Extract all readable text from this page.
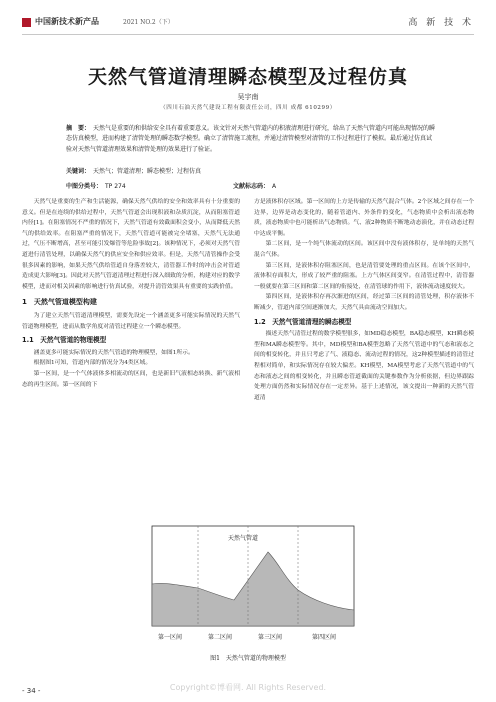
中国新技术新产品	2021 NO.2（下）	高 新 技 术
天然气管道清理瞬态模型及过程仿真
吴宇南
（四川石油天然气建设工程有限责任公司，四川 成都 610299）
摘　要： 天然气是重要的和供给安全具有着重要意义。该文针对天然气管道内的积液清理进行研究，给出了天然气管道内可能出现情况的瞬态仿真模型，进而构建了清管处理的瞬态数学模型。确立了清管施工流程，并通过清管模型对清管的工作过程进行了模拟。最后通过仿真试验对天然气管道清理效果和清管处理的效果进行了验证。
关键词： 天然气；管道清理；瞬态模型；过程仿真
中图分类号： TP 274	文献标志码： A

天然气是重要的生产和生活能源，确保天然气供给的安全和效率具有十分重要的意义。但是在连续的供给过程中，天然气管道会出现积液和杂质沉淀，从而阻塞管道内径[1]。在阻塞情况不严重的情况下，天然气管道有效截面积会变小，从而降低天然气的供给效率。在阻塞严重的情况下，天然气管道可能被完全堵塞，天然气无法通过，气压不断增高，甚至可能引发爆管等危险事故[2]。该种情况下，必须对天然气管道进行清管处理，以确保天然气的供应安全和供应效率。但是，天然气清管操作会受很多因素的影响，如果天然气供给管道自身落差较大，清管器工作时的冲击会对管道造成更大影响[3]。因此对天然气管道清理过程进行深入细致的分析，构建对应的数学模型，进而对相关因素的影响进行仿真试验，对提升清管效果具有重要的实践价值。

1　天然气管道模型构建

为了建立天然气管道清理模型，需要先设定一个涵盖更多可能实际情况的天然气管道物理模型，进而从数学角度对清管过程建立一个瞬态模型。

1.1　天然气管道的物理模型

涵盖更多可能实际情况的天然气管道的物理模型，如图1所示。

根据图1可知，管道内部的情况分为4类区域。

第一区间，是一个气体液体多相流动的区间，也是新旧气液相态转换、新气液相态的再生区间。第一区间的下

方是液体积存区域。第一区间的上方是传输的天然气混合气体。2个区域之间存在一个边界，边界是动态变化的，随着管道内、外条件的变化，气态物质中会析出液态物质，液态物质中也可能析出气态物质。气、液2种物质不断地动态演化，并在动态过程中达成平衡。

第二区间，是一个纯气体流动的区间。该区间中没有液体积存，是单纯的天然气混合气体。

第三区间，是液体积存阻塞区间，也是清管要处理的重点区间。在该个区间中，液体积存面积大，形成了较严重的阻塞。上方气体区间变窄。在清管过程中，清管器一般就要在第三区间和第二区间的衔接处，在清管球的作用下，液体流动速度较大。

第四区间，是液体积存再次渐进的区间，经过第三区间的清管处理，积存液体不断减少，管道内部空间逐渐加大，天然气具由流动空间加大。

1.2　天然气管道清理的瞬态模型

描述天然气清管过程的数学模型很多，如MD稳态模型，BA稳态模型，KH瞬态模型和MA瞬态模型等。其中，MD模型和BA模型忽略了天然气管道中的气态和液态之间的相变转化，并且只考虑了气、液稳态、流动过程的情况，这2种模型描述的清管过程相对简单，和实际情况存在较大偏差。KH模型，MA模型考虑了天然气管道中的气态和液态之间的相变转化，并且瞬态管道截面的关键参数作为分析依据，但边界跟踪处理方面仍然和实际情况存在一定差异。基于上述情况，该文提出一种新的天然气管道清

天然气管道
第一区间	第二区间	第三区间	第四区间
图1　天然气管道的物理模型
- 34 -	Copyright©博看网. All Rights Reserved.
